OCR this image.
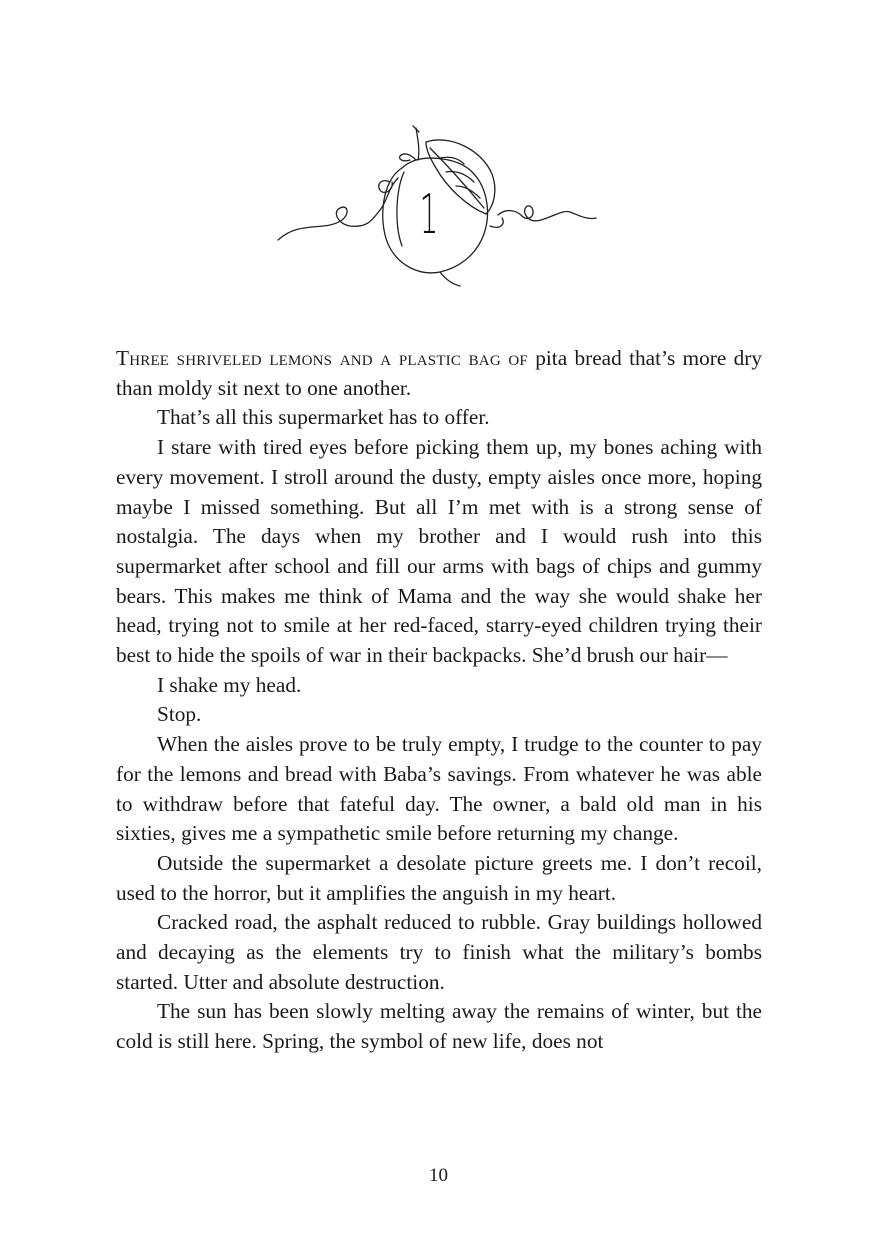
1

Three shriveled lemons and a plastic bag of pita bread that’s more dry than moldy sit next to one another.

That’s all this supermarket has to offer.

I stare with tired eyes before picking them up, my bones aching with every movement. I stroll around the dusty, empty aisles once more, hoping maybe I missed something. But all I’m met with is a strong sense of nostalgia. The days when my brother and I would rush into this supermarket after school and fill our arms with bags of chips and gummy bears. This makes me think of Mama and the way she would shake her head, trying not to smile at her red-faced, starry-eyed children trying their best to hide the spoils of war in their backpacks. She’d brush our hair—

I shake my head.

Stop.

When the aisles prove to be truly empty, I trudge to the counter to pay for the lemons and bread with Baba’s savings. From whatever he was able to withdraw before that fateful day. The owner, a bald old man in his sixties, gives me a sympathetic smile before returning my change.

Outside the supermarket a desolate picture greets me. I don’t recoil, used to the horror, but it amplifies the anguish in my heart.

Cracked road, the asphalt reduced to rubble. Gray buildings hollowed and decaying as the elements try to finish what the military’s bombs started. Utter and absolute destruction.

The sun has been slowly melting away the remains of winter, but the cold is still here. Spring, the symbol of new life, does not

10
